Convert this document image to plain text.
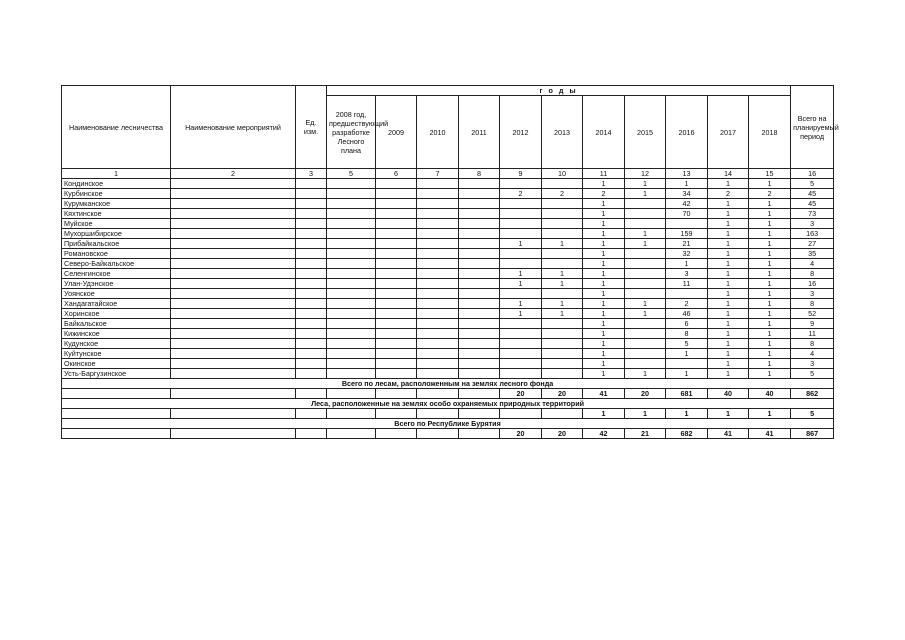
Наименование лесничества	Наименование мероприятий	Ед. изм.	г о д ы											Всего на планируемый период
			2008 год, предшествующий разработке Лесного плана	2009	2010	2011	2012	2013	2014	2015	2016	2017	2018	
1	2	3	5	6	7	8	9	10	11	12	13	14	15	16
Кондинское									1	1	1	1	1	5
Курбинское							2	2	2	1	34	2	2	45
Курумканское									1		42	1	1	45
Кяхтинское									1		70	1	1	73
Муйское									1			1	1	3
Мухоршибирское									1	1	159	1	1	163
Прибайкальское							1	1	1	1	21	1	1	27
Романовское									1		32	1	1	35
Северо-Байкальское									1		1	1	1	4
Селенгинское							1	1	1		3	1	1	8
Улан-Удэнское							1	1	1		11	1	1	16
Уоянское									1			1	1	3
Хандагатайское							1	1	1	1	2	1	1	8
Хоринское							1	1	1	1	46	1	1	52
Байкальское									1		6	1	1	9
Кижинское									1		8	1	1	11
Кудунское									1		5	1	1	8
Куйтунское									1		1	1	1	4
Окинское									1			1	1	3
Усть-Баргузинское									1	1	1	1	1	5
Всего по лесам, расположенным на землях лесного фонда														
							20	20	41	20	681	40	40	862
Леса, расположенные на землях особо охраняемых природных территорий														
									1	1	1	1	1	5
Всего по Республике Бурятия														
							20	20	42	21	682	41	41	867
